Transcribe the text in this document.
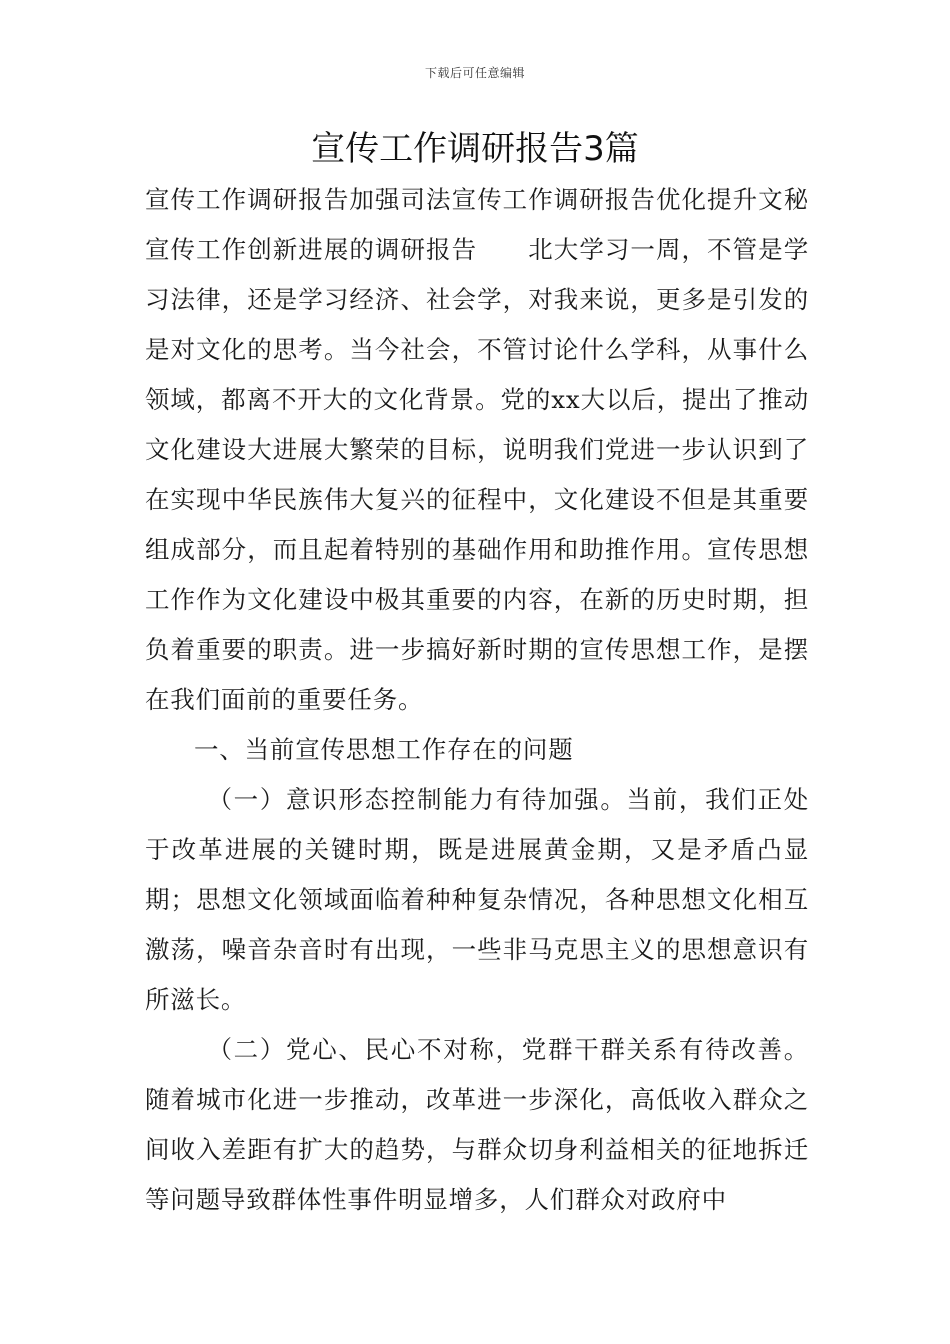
下载后可任意编辑
宣传工作调研报告3篇

宣传工作调研报告加强司法宣传工作调研报告优化提升文秘宣传工作创新进展的调研报告　　北大学习一周，不管是学习法律，还是学习经济、社会学，对我来说，更多是引发的是对文化的思考。当今社会，不管讨论什么学科，从事什么领域，都离不开大的文化背景。党的xx大以后，提出了推动文化建设大进展大繁荣的目标，说明我们党进一步认识到了在实现中华民族伟大复兴的征程中，文化建设不但是其重要组成部分，而且起着特别的基础作用和助推作用。宣传思想工作作为文化建设中极其重要的内容，在新的历史时期，担负着重要的职责。进一步搞好新时期的宣传思想工作，是摆在我们面前的重要任务。

一、当前宣传思想工作存在的问题

（一）意识形态控制能力有待加强。当前，我们正处于改革进展的关键时期，既是进展黄金期，又是矛盾凸显期；思想文化领域面临着种种复杂情况，各种思想文化相互激荡，噪音杂音时有出现，一些非马克思主义的思想意识有所滋长。

（二）党心、民心不对称，党群干群关系有待改善。随着城市化进一步推动，改革进一步深化，高低收入群众之间收入差距有扩大的趋势，与群众切身利益相关的征地拆迁等问题导致群体性事件明显增多，人们群众对政府中
